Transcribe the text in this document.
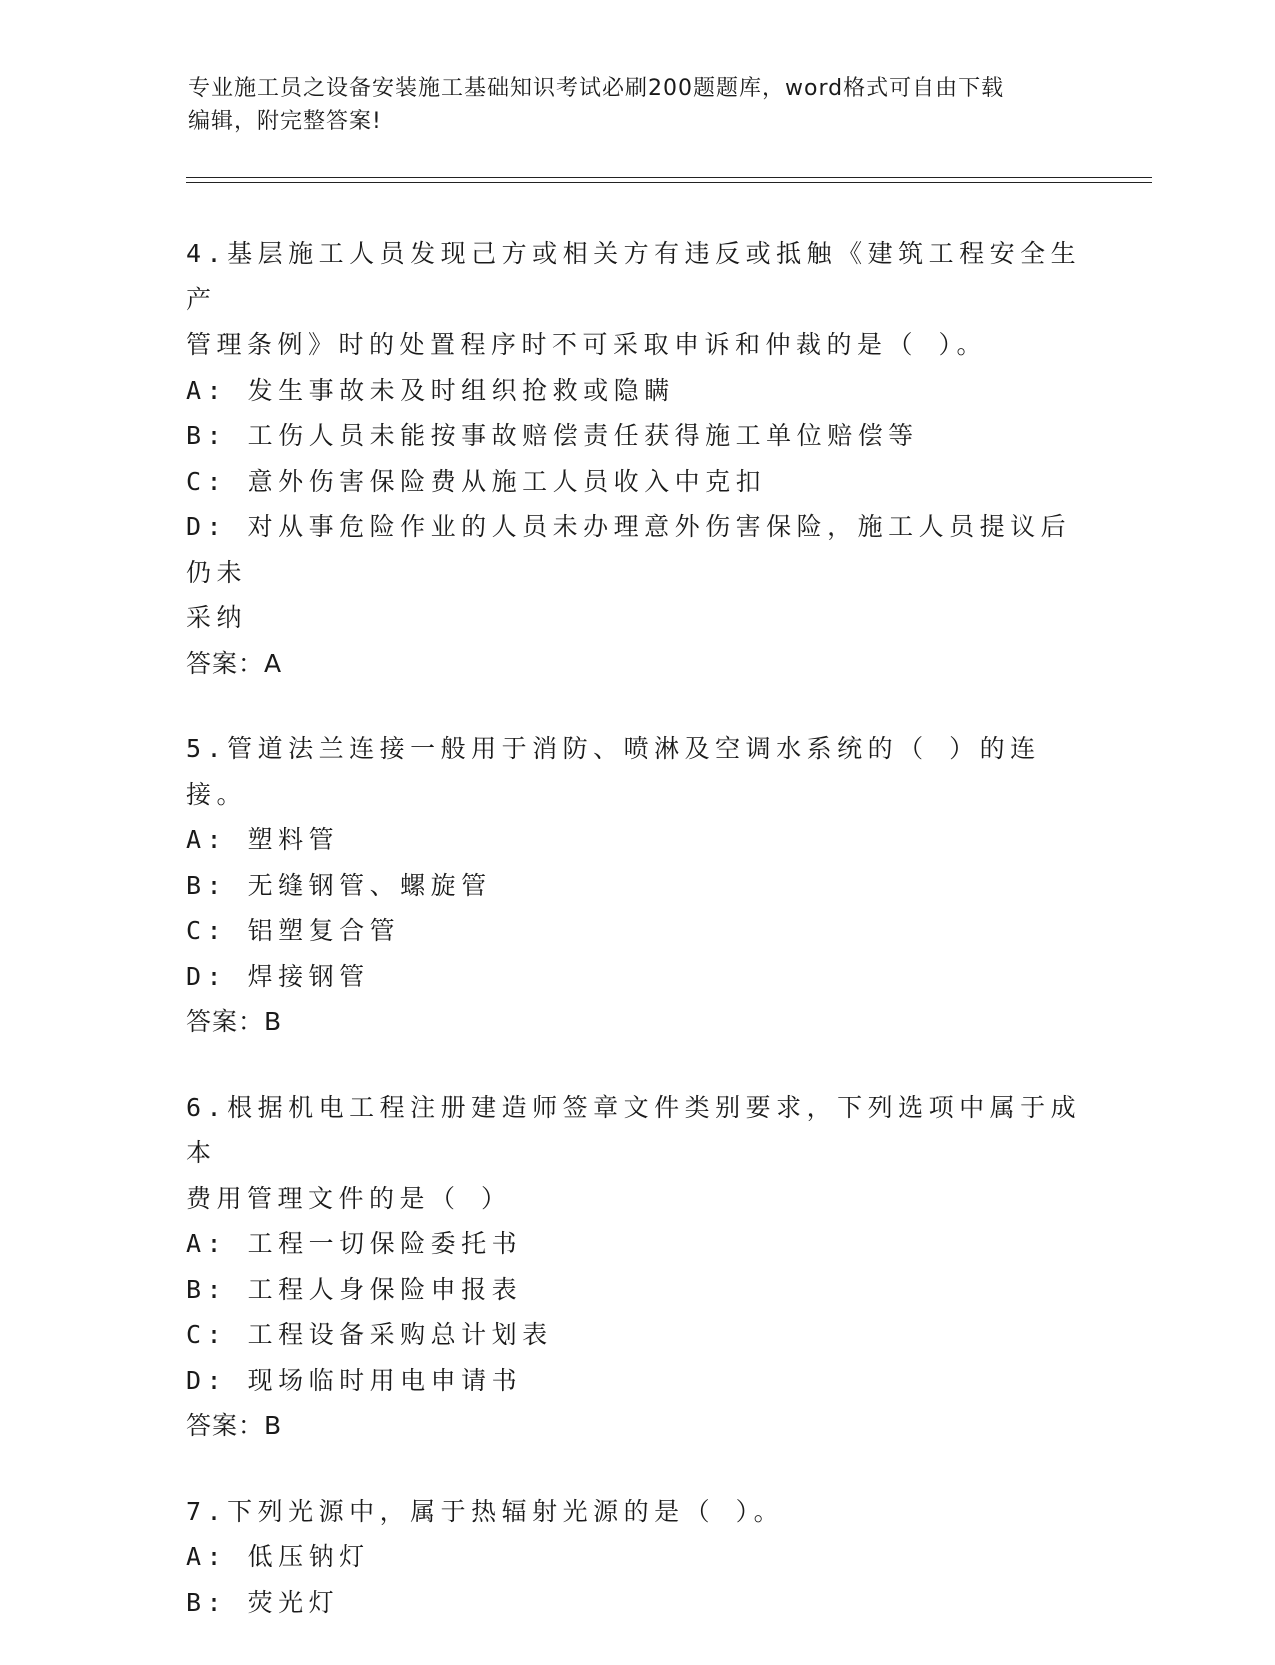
专业施工员之设备安装施工基础知识考试必刷200题题库，word格式可自由下载
编辑，附完整答案!
4.基层施工人员发现己方或相关方有违反或抵触《建筑工程安全生产
管理条例》时的处置程序时不可采取申诉和仲裁的是（ ）。
A: 发生事故未及时组织抢救或隐瞒
B: 工伤人员未能按事故赔偿责任获得施工单位赔偿等
C: 意外伤害保险费从施工人员收入中克扣
D: 对从事危险作业的人员未办理意外伤害保险，施工人员提议后仍未
采纳
答案：A
5.管道法兰连接一般用于消防、喷淋及空调水系统的（ ）的连接。
A: 塑料管
B: 无缝钢管、螺旋管
C: 铝塑复合管
D: 焊接钢管
答案：B
6.根据机电工程注册建造师签章文件类别要求，下列选项中属于成本
费用管理文件的是（ ）
A: 工程一切保险委托书
B: 工程人身保险申报表
C: 工程设备采购总计划表
D: 现场临时用电申请书
答案：B
7.下列光源中，属于热辐射光源的是（ ）。
A: 低压钠灯
B: 荧光灯
